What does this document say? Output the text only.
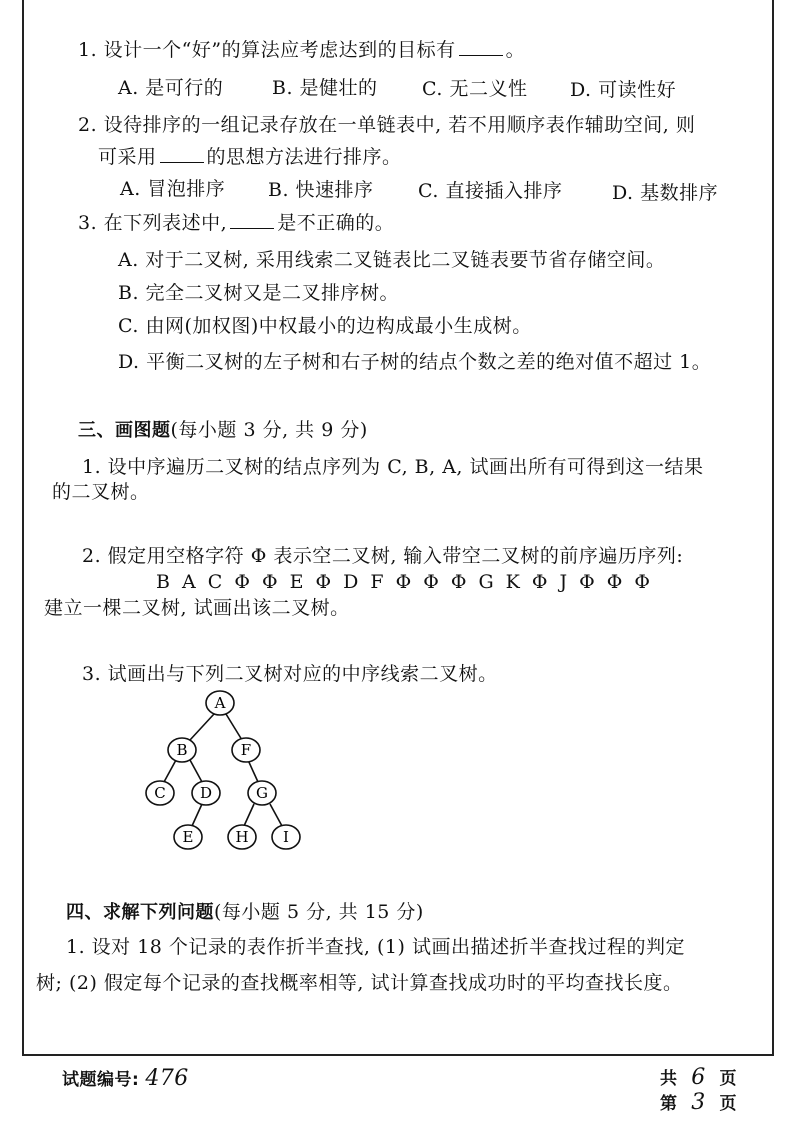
1. 设计一个“好”的算法应考虑达到的目标有	。
A. 是可行的	B. 是健壮的 C. 无二义性 D. 可读性好
2. 设待排序的一组记录存放在一单链表中, 若不用顺序表作辅助空间, 则
可采用	的思想方法进行排序。
A. 冒泡排序 B. 快速排序 C. 直接插入排序	D. 基数排序
3. 在下列表述中,	是不正确的。
A. 对于二叉树, 采用线索二叉链表比二叉链表要节省存储空间。
B. 完全二叉树又是二叉排序树。
C. 由网(加权图)中权最小的边构成最小生成树。
D. 平衡二叉树的左子树和右子树的结点个数之差的绝对值不超过 1。
三、画图题(每小题 3 分, 共 9 分)
1. 设中序遍历二叉树的结点序列为 C, B, A, 试画出所有可得到这一结果
的二叉树。
2. 假定用空格字符 Φ 表示空二叉树, 输入带空二叉树的前序遍历序列:
B A C Φ Φ E Φ D F Φ Φ Φ G K Φ J Φ Φ Φ
建立一棵二叉树, 试画出该二叉树。
3. 试画出与下列二叉树对应的中序线索二叉树。
A
B	F
C D	G
E	H I
四、求解下列问题(每小题 5 分, 共 15 分)
1. 设对 18 个记录的表作折半查找, (1) 试画出描述折半查找过程的判定
树; (2) 假定每个记录的查找概率相等, 试计算查找成功时的平均查找长度。
试题编号: 476	共 6 页
第 3 页
